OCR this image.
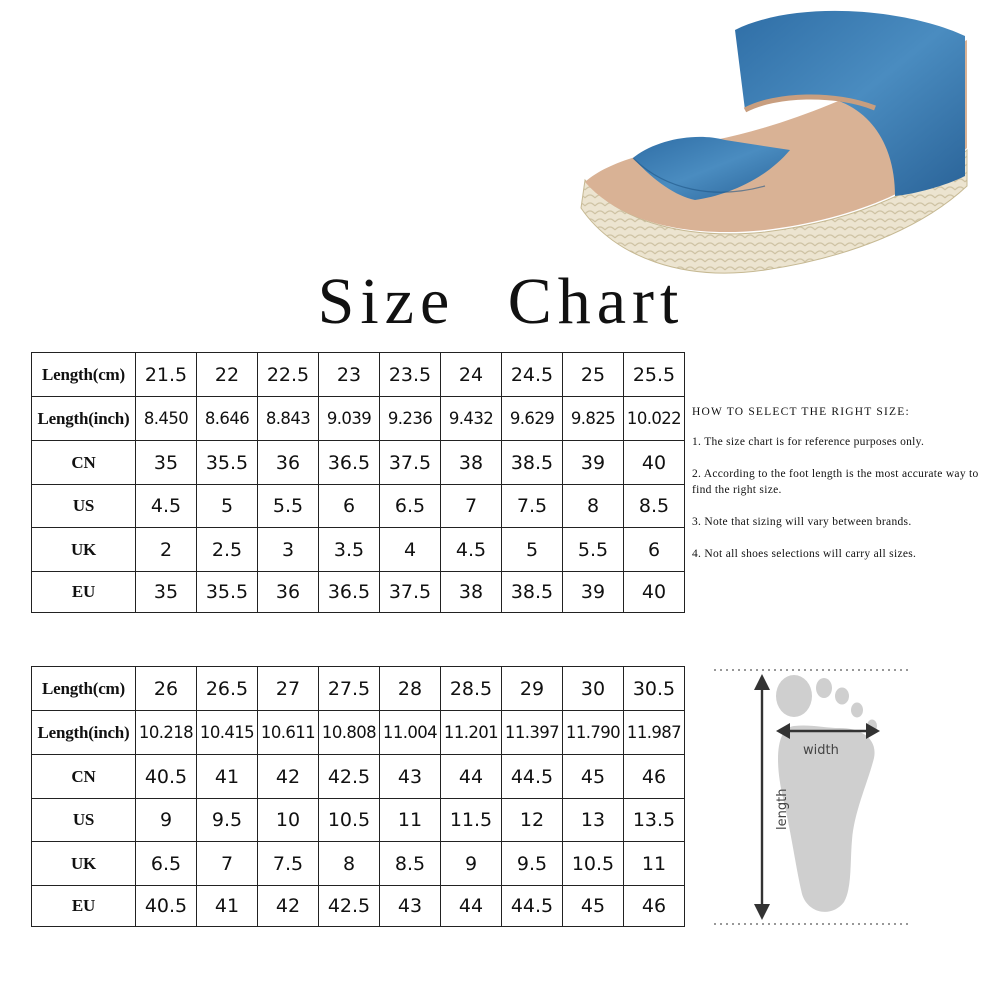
Size Chart
Length(cm)	21.5	22	22.5	23	23.5	24	24.5	25	25.5
Length(inch)	8.450	8.646	8.843	9.039	9.236	9.432	9.629	9.825	10.022
CN	35	35.5	36	36.5	37.5	38	38.5	39	40
US	4.5	5	5.5	6	6.5	7	7.5	8	8.5
UK	2	2.5	3	3.5	4	4.5	5	5.5	6
EU	35	35.5	36	36.5	37.5	38	38.5	39	40
Length(cm)	26	26.5	27	27.5	28	28.5	29	30	30.5
Length(inch)	10.218	10.415	10.611	10.808	11.004	11.201	11.397	11.790	11.987
CN	40.5	41	42	42.5	43	44	44.5	45	46
US	9	9.5	10	10.5	11	11.5	12	13	13.5
UK	6.5	7	7.5	8	8.5	9	9.5	10.5	11
EU	40.5	41	42	42.5	43	44	44.5	45	46
HOW TO SELECT THE RIGHT SIZE:
1. The size chart is for reference purposes only.
2. According to the foot length is the most accurate way to find the right size.
3. Note that sizing will vary between brands.
4. Not all shoes selections will carry all sizes.
width
length
